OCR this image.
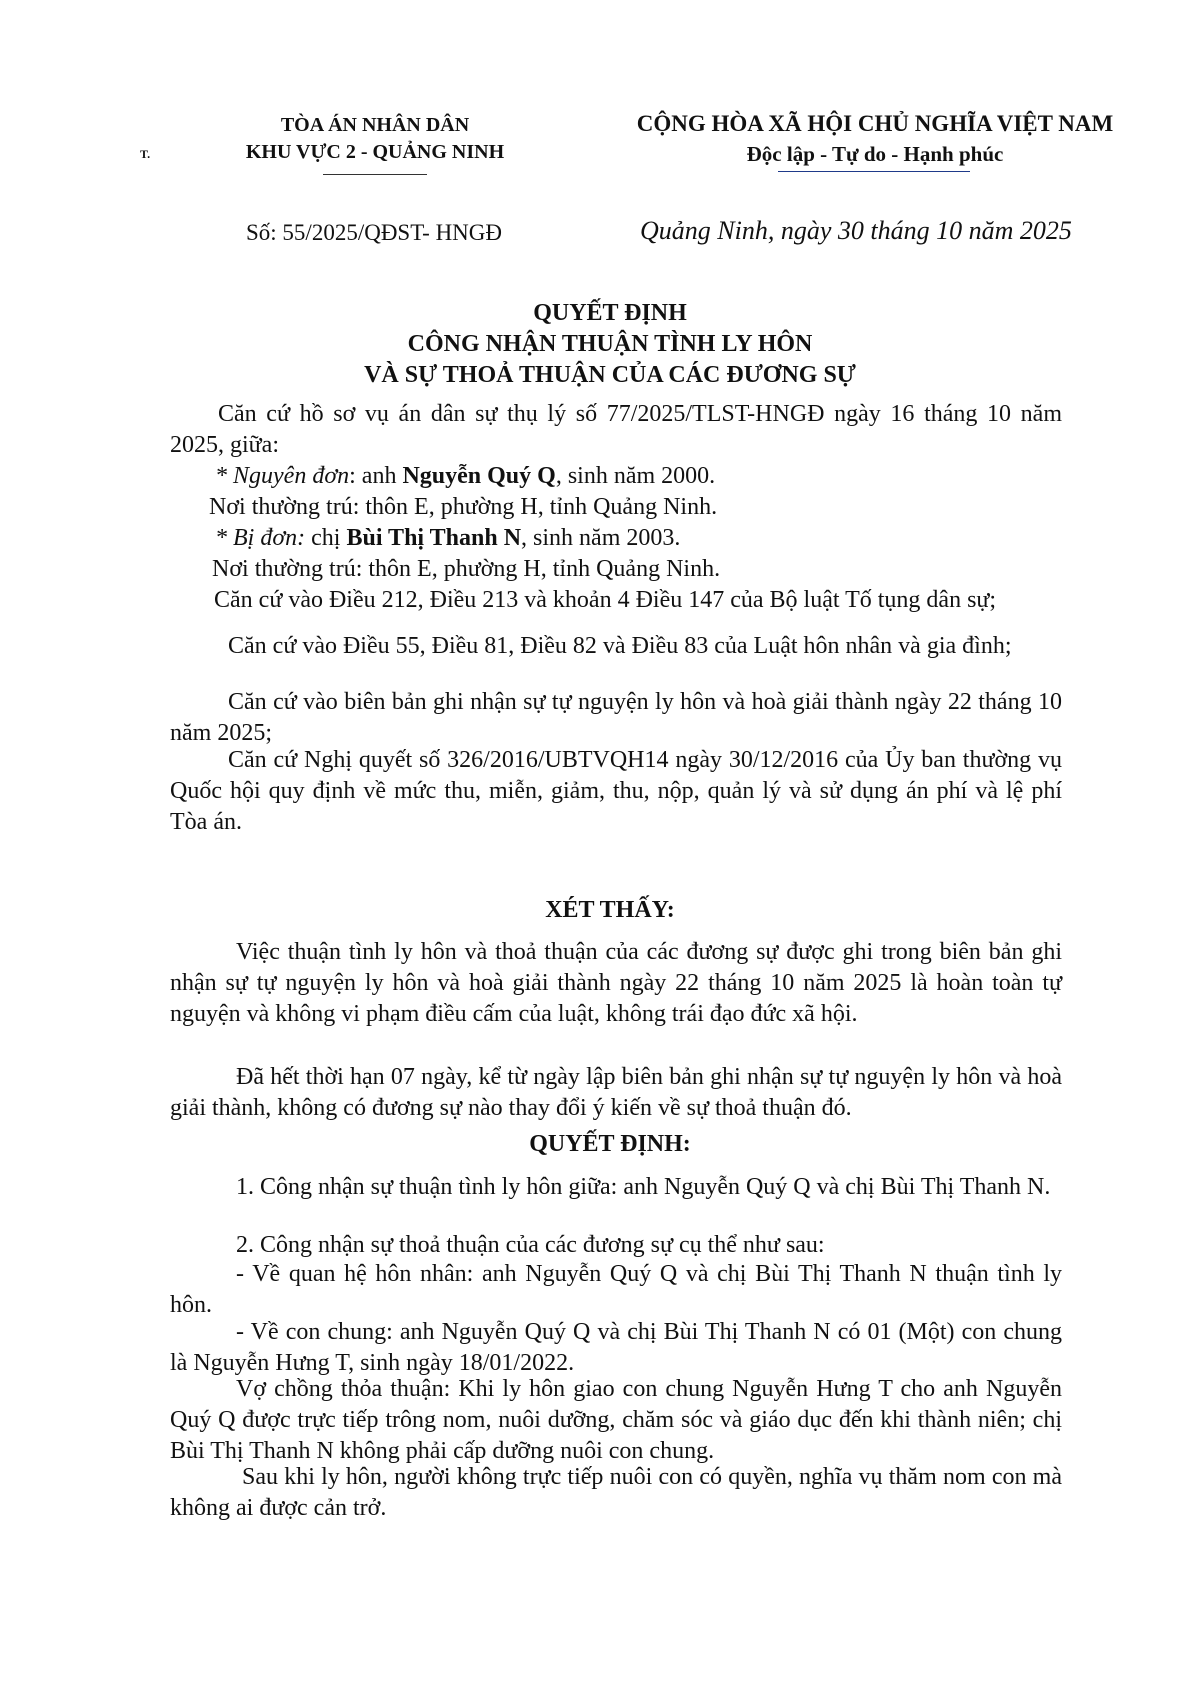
TÒA ÁN NHÂN DÂN
KHU VỰC 2 - QUẢNG NINH
T.
CỘNG HÒA XÃ HỘI CHỦ NGHĨA VIỆT NAM
Độc lập - Tự do - Hạnh phúc
Số: 55/2025/QĐST- HNGĐ	Quảng Ninh, ngày 30 tháng 10 năm 2025
QUYẾT ĐỊNH
CÔNG NHẬN THUẬN TÌNH LY HÔN
VÀ SỰ THOẢ THUẬN CỦA CÁC ĐƯƠNG SỰ
Căn cứ hồ sơ vụ án dân sự thụ lý số 77/2025/TLST-HNGĐ ngày 16 tháng 10 năm 2025, giữa:
* Nguyên đơn: anh Nguyễn Quý Q, sinh năm 2000.
Nơi thường trú: thôn E, phường H, tỉnh Quảng Ninh.
* Bị đơn: chị Bùi Thị Thanh N, sinh năm 2003.
Nơi thường trú: thôn E, phường H, tỉnh Quảng Ninh.
Căn cứ vào Điều 212, Điều 213 và khoản 4 Điều 147 của Bộ luật Tố tụng dân sự;
Căn cứ vào Điều 55, Điều 81, Điều 82 và Điều 83 của Luật hôn nhân và gia đình;
Căn cứ vào biên bản ghi nhận sự tự nguyện ly hôn và hoà giải thành ngày 22 tháng 10 năm 2025;
Căn cứ Nghị quyết số 326/2016/UBTVQH14 ngày 30/12/2016 của Ủy ban thường vụ Quốc hội quy định về mức thu, miễn, giảm, thu, nộp, quản lý và sử dụng án phí và lệ phí Tòa án.
XÉT THẤY:
Việc thuận tình ly hôn và thoả thuận của các đương sự được ghi trong biên bản ghi nhận sự tự nguyện ly hôn và hoà giải thành ngày 22 tháng 10 năm 2025 là hoàn toàn tự nguyện và không vi phạm điều cấm của luật, không trái đạo đức xã hội.
Đã hết thời hạn 07 ngày, kể từ ngày lập biên bản ghi nhận sự tự nguyện ly hôn và hoà giải thành, không có đương sự nào thay đổi ý kiến về sự thoả thuận đó.
QUYẾT ĐỊNH:
1. Công nhận sự thuận tình ly hôn giữa: anh Nguyễn Quý Q và chị Bùi Thị Thanh N.
2. Công nhận sự thoả thuận của các đương sự cụ thể như sau:
- Về quan hệ hôn nhân: anh Nguyễn Quý Q và chị Bùi Thị Thanh N thuận tình ly hôn.
- Về con chung: anh Nguyễn Quý Q và chị Bùi Thị Thanh N có 01 (Một) con chung là Nguyễn Hưng T, sinh ngày 18/01/2022.
Vợ chồng thỏa thuận: Khi ly hôn giao con chung Nguyễn Hưng T cho anh Nguyễn Quý Q được trực tiếp trông nom, nuôi dưỡng, chăm sóc và giáo dục đến khi thành niên; chị Bùi Thị Thanh N không phải cấp dưỡng nuôi con chung.
Sau khi ly hôn, người không trực tiếp nuôi con có quyền, nghĩa vụ thăm nom con mà không ai được cản trở.
